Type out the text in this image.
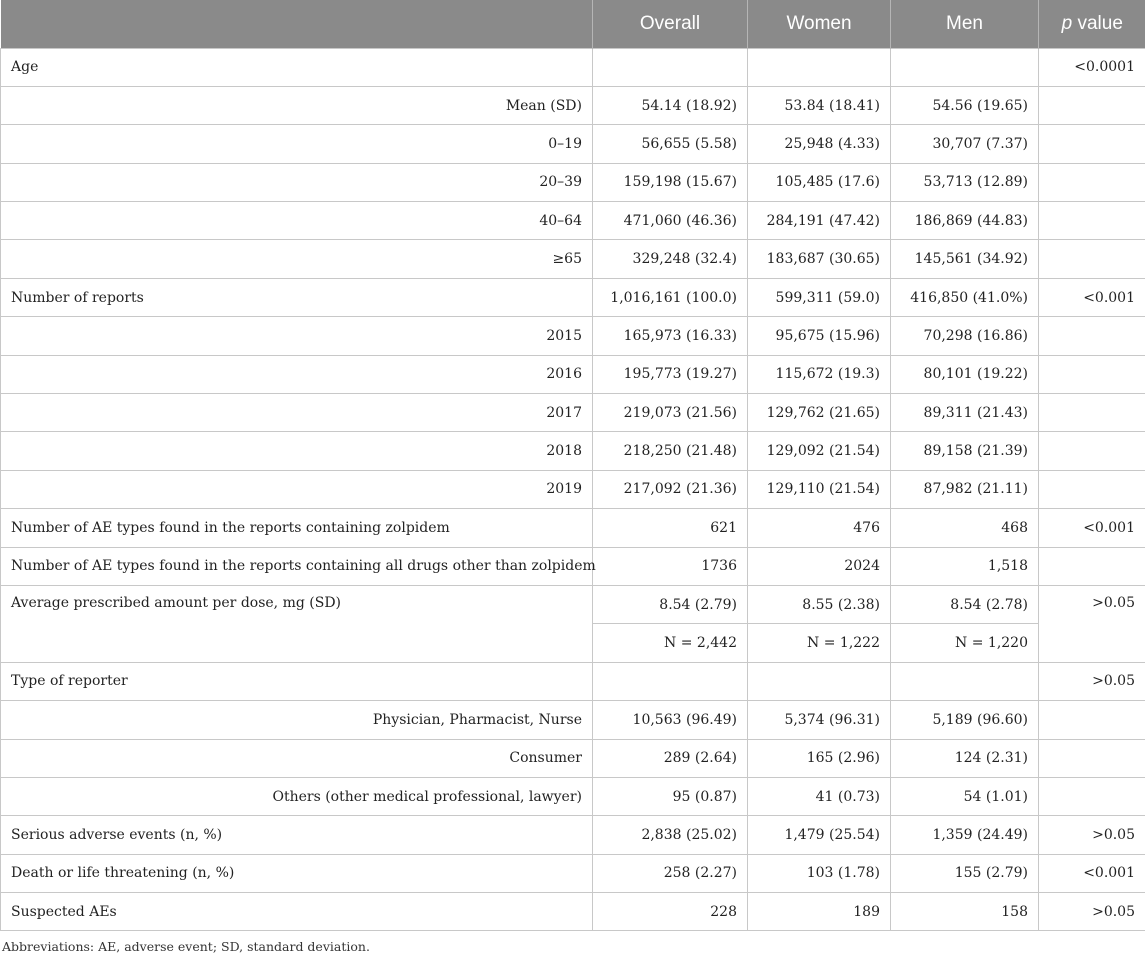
	Overall	Women	Men	p value
Age				<0.0001
Mean (SD)	54.14 (18.92)	53.84 (18.41)	54.56 (19.65)	
0–19	56,655 (5.58)	25,948 (4.33)	30,707 (7.37)	
20–39	159,198 (15.67)	105,485 (17.6)	53,713 (12.89)	
40–64	471,060 (46.36)	284,191 (47.42)	186,869 (44.83)	
≥65	329,248 (32.4)	183,687 (30.65)	145,561 (34.92)	
Number of reports	1,016,161 (100.0)	599,311 (59.0)	416,850 (41.0%)	<0.001
2015	165,973 (16.33)	95,675 (15.96)	70,298 (16.86)	
2016	195,773 (19.27)	115,672 (19.3)	80,101 (19.22)	
2017	219,073 (21.56)	129,762 (21.65)	89,311 (21.43)	
2018	218,250 (21.48)	129,092 (21.54)	89,158 (21.39)	
2019	217,092 (21.36)	129,110 (21.54)	87,982 (21.11)	
Number of AE types found in the reports containing zolpidem	621	476	468	<0.001
Number of AE types found in the reports containing all drugs other than zolpidem	1736	2024	1,518	
Average prescribed amount per dose, mg (SD)	8.54 (2.79)	8.55 (2.38)	8.54 (2.78)	>0.05
	N = 2,442	N = 1,222	N = 1,220	
Type of reporter				>0.05
Physician, Pharmacist, Nurse	10,563 (96.49)	5,374 (96.31)	5,189 (96.60)	
Consumer	289 (2.64)	165 (2.96)	124 (2.31)	
Others (other medical professional, lawyer)	95 (0.87)	41 (0.73)	54 (1.01)	
Serious adverse events (n, %)	2,838 (25.02)	1,479 (25.54)	1,359 (24.49)	>0.05
Death or life threatening (n, %)	258 (2.27)	103 (1.78)	155 (2.79)	<0.001
Suspected AEs	228	189	158	>0.05
Abbreviations: AE, adverse event; SD, standard deviation.
